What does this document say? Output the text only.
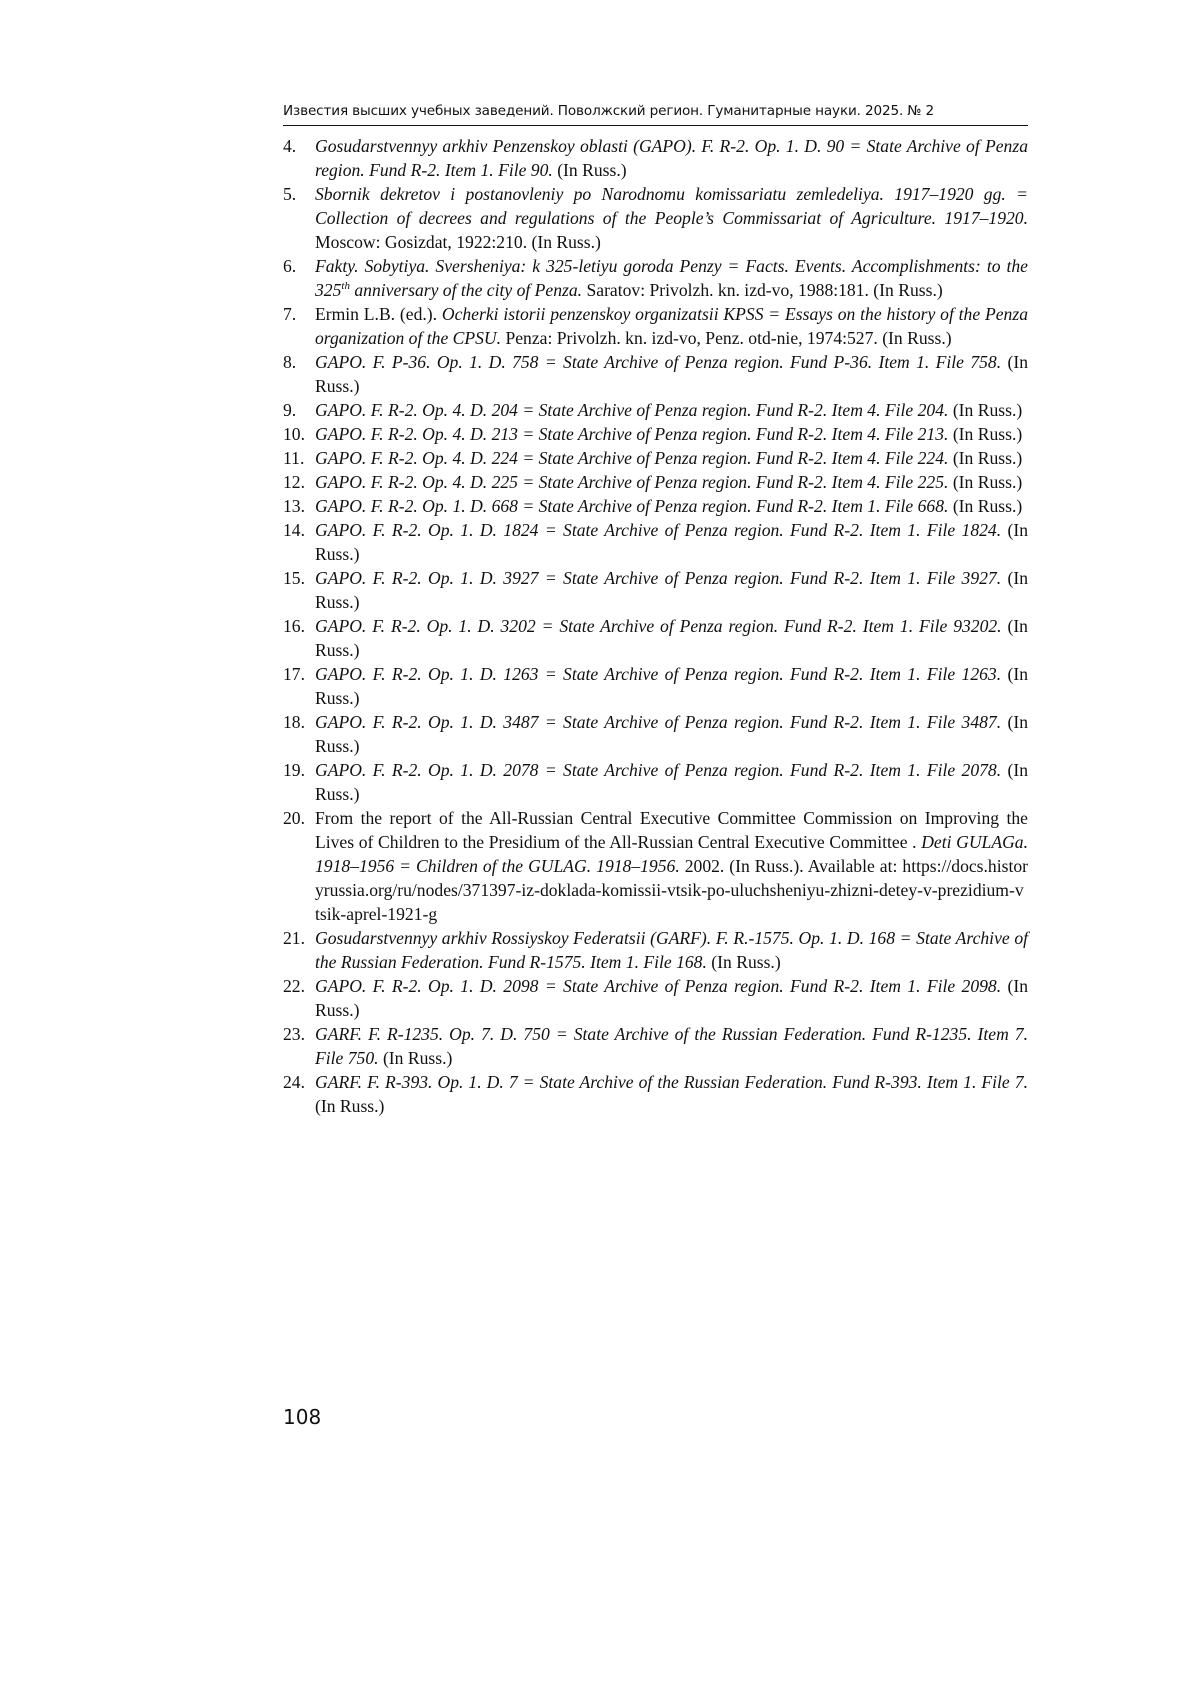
Известия высших учебных заведений. Поволжский регион. Гуманитарные науки. 2025. № 2
4. Gosudarstvennyy arkhiv Penzenskoy oblasti (GAPO). F. R-2. Op. 1. D. 90 = State Archive of Penza region. Fund R-2. Item 1. File 90. (In Russ.)
5. Sbornik dekretov i postanovleniy po Narodnomu komissariatu zemledeliya. 1917–1920 gg. = Collection of decrees and regulations of the People’s Commissariat of Agriculture. 1917–1920. Moscow: Gosizdat, 1922:210. (In Russ.)
6. Fakty. Sobytiya. Sversheniya: k 325-letiyu goroda Penzy = Facts. Events. Accomplishments: to the 325th anniversary of the city of Penza. Saratov: Privolzh. kn. izd-vo, 1988:181. (In Russ.)
7. Ermin L.B. (ed.). Ocherki istorii penzenskoy organizatsii KPSS = Essays on the history of the Penza organization of the CPSU. Penza: Privolzh. kn. izd-vo, Penz. otd-nie, 1974:527. (In Russ.)
8. GAPO. F. P-36. Op. 1. D. 758 = State Archive of Penza region. Fund P-36. Item 1. File 758. (In Russ.)
9. GAPO. F. R-2. Op. 4. D. 204 = State Archive of Penza region. Fund R-2. Item 4. File 204. (In Russ.)
10. GAPO. F. R-2. Op. 4. D. 213 = State Archive of Penza region. Fund R-2. Item 4. File 213. (In Russ.)
11. GAPO. F. R-2. Op. 4. D. 224 = State Archive of Penza region. Fund R-2. Item 4. File 224. (In Russ.)
12. GAPO. F. R-2. Op. 4. D. 225 = State Archive of Penza region. Fund R-2. Item 4. File 225. (In Russ.)
13. GAPO. F. R-2. Op. 1. D. 668 = State Archive of Penza region. Fund R-2. Item 1. File 668. (In Russ.)
14. GAPO. F. R-2. Op. 1. D. 1824 = State Archive of Penza region. Fund R-2. Item 1. File 1824. (In Russ.)
15. GAPO. F. R-2. Op. 1. D. 3927 = State Archive of Penza region. Fund R-2. Item 1. File 3927. (In Russ.)
16. GAPO. F. R-2. Op. 1. D. 3202 = State Archive of Penza region. Fund R-2. Item 1. File 93202. (In Russ.)
17. GAPO. F. R-2. Op. 1. D. 1263 = State Archive of Penza region. Fund R-2. Item 1. File 1263. (In Russ.)
18. GAPO. F. R-2. Op. 1. D. 3487 = State Archive of Penza region. Fund R-2. Item 1. File 3487. (In Russ.)
19. GAPO. F. R-2. Op. 1. D. 2078 = State Archive of Penza region. Fund R-2. Item 1. File 2078. (In Russ.)
20. From the report of the All-Russian Central Executive Committee Commission on Improving the Lives of Children to the Presidium of the All-Russian Central Executive Committee . Deti GULAGa. 1918–1956 = Children of the GULAG. 1918–1956. 2002. (In Russ.). Available at: https://docs.historyrussia.org/ru/nodes/371397-iz-doklada-komissii-vtsik-po-uluchsheniyu-zhizni-detey-v-prezidium-vtsik-aprel-1921-g
21. Gosudarstvennyy arkhiv Rossiyskoy Federatsii (GARF). F. R.-1575. Op. 1. D. 168 = State Archive of the Russian Federation. Fund R-1575. Item 1. File 168. (In Russ.)
22. GAPO. F. R-2. Op. 1. D. 2098 = State Archive of Penza region. Fund R-2. Item 1. File 2098. (In Russ.)
23. GARF. F. R-1235. Op. 7. D. 750 = State Archive of the Russian Federation. Fund R-1235. Item 7. File 750. (In Russ.)
24. GARF. F. R-393. Op. 1. D. 7 = State Archive of the Russian Federation. Fund R-393. Item 1. File 7. (In Russ.)
108
